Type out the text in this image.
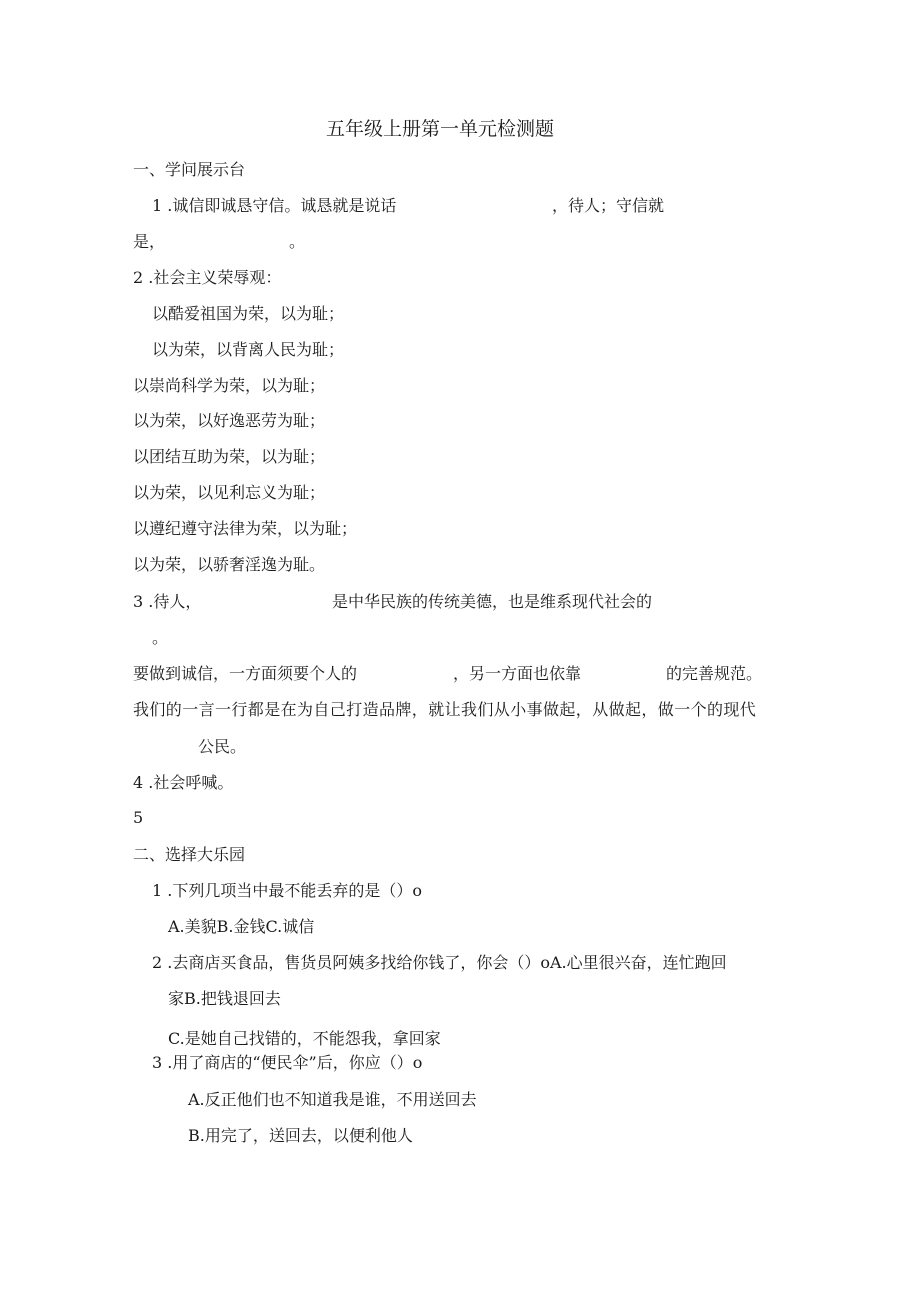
五年级上册第一单元检测题
一、学问展示台
1 .诚信即诚恳守信。诚恳就是说话	，待人；守信就
是，	。
2 .社会主义荣辱观：
以酷爱祖国为荣，以为耻；
以为荣，以背离人民为耻；
以崇尚科学为荣，以为耻；
以为荣，以好逸恶劳为耻；
以团结互助为荣，以为耻；
以为荣，以见利忘义为耻；
以遵纪遵守法律为荣，以为耻；
以为荣，以骄奢淫逸为耻。
3 .待人，	是中华民族的传统美德，也是维系现代社会的
。
要做到诚信，一方面须要个人的	，另一方面也依靠	的完善规范。
我们的一言一行都是在为自己打造品牌，就让我们从小事做起，从做起，做一个的现代
公民。
4 .社会呼喊。
5
二、选择大乐园
1 .下列几项当中最不能丢弃的是（）o
A.美貌B.金钱C.诚信
2 .去商店买食品，售货员阿姨多找给你钱了，你会（）oA.心里很兴奋，连忙跑回
家B.把钱退回去
C.是她自己找错的，不能怨我，拿回家
3 .用了商店的“便民伞”后，你应（）o
A.反正他们也不知道我是谁，不用送回去
B.用完了，送回去，以便利他人
